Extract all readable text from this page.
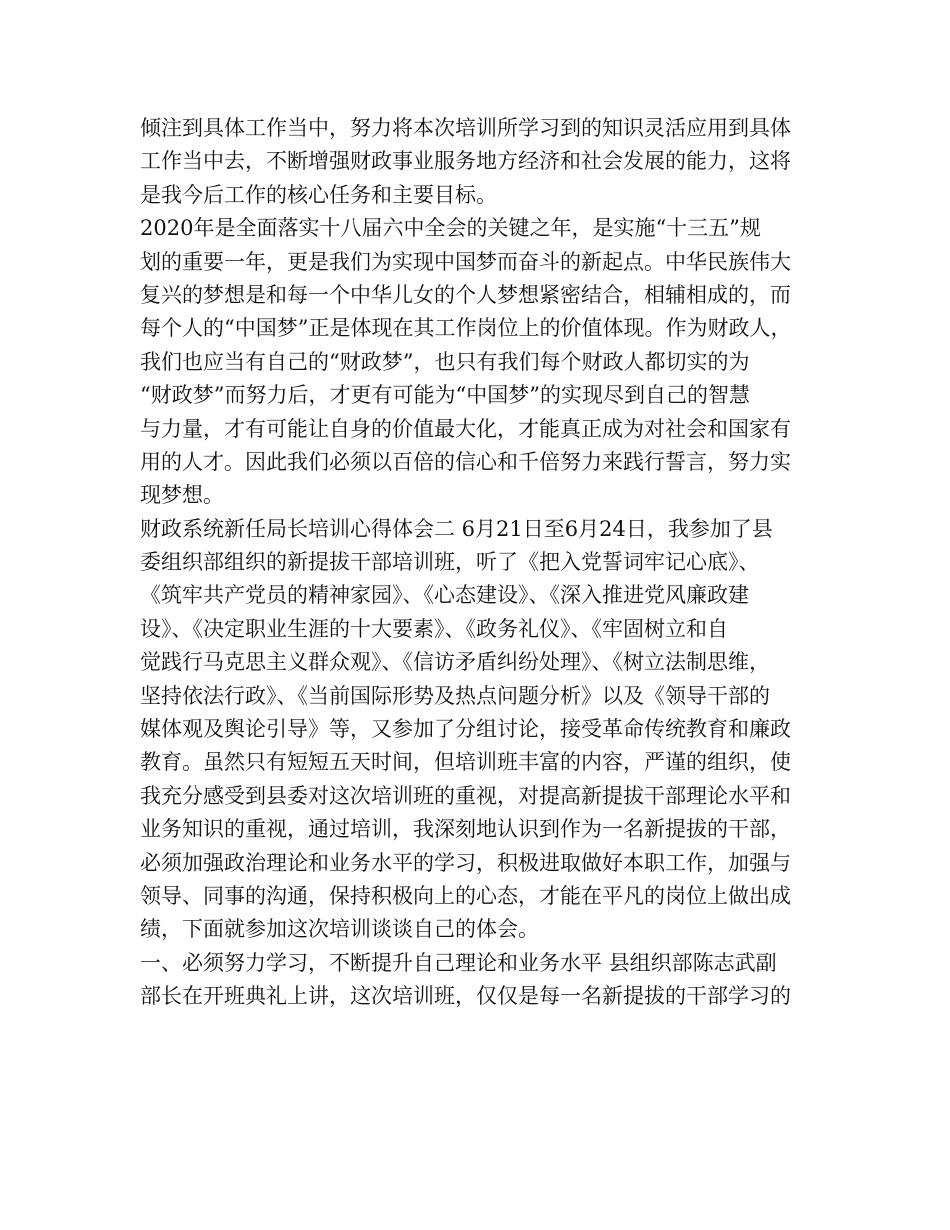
倾注到具体工作当中，努力将本次培训所学习到的知识灵活应用到具体
工作当中去，不断增强财政事业服务地方经济和社会发展的能力，这将
是我今后工作的核心任务和主要目标。
2020年是全面落实十八届六中全会的关键之年，是实施“十三五”规
划的重要一年，更是我们为实现中国梦而奋斗的新起点。中华民族伟大
复兴的梦想是和每一个中华儿女的个人梦想紧密结合，相辅相成的，而
每个人的“中国梦”正是体现在其工作岗位上的价值体现。作为财政人，
我们也应当有自己的“财政梦”，也只有我们每个财政人都切实的为
“财政梦”而努力后，才更有可能为“中国梦”的实现尽到自己的智慧
与力量，才有可能让自身的价值最大化，才能真正成为对社会和国家有
用的人才。因此我们必须以百倍的信心和千倍努力来践行誓言，努力实
现梦想。
财政系统新任局长培训心得体会二 6月21日至6月24日，我参加了县
委组织部组织的新提拔干部培训班，听了《把入党誓词牢记心底》、
《筑牢共产党员的精神家园》、《心态建设》、《深入推进党风廉政建
设》、《决定职业生涯的十大要素》、《政务礼仪》、《牢固树立和自
觉践行马克思主义群众观》、《信访矛盾纠纷处理》、《树立法制思维，
坚持依法行政》、《当前国际形势及热点问题分析》以及《领导干部的
媒体观及舆论引导》等，又参加了分组讨论，接受革命传统教育和廉政
教育。虽然只有短短五天时间，但培训班丰富的内容，严谨的组织，使
我充分感受到县委对这次培训班的重视，对提高新提拔干部理论水平和
业务知识的重视，通过培训，我深刻地认识到作为一名新提拔的干部，
必须加强政治理论和业务水平的学习，积极进取做好本职工作，加强与
领导、同事的沟通，保持积极向上的心态，才能在平凡的岗位上做出成
绩，下面就参加这次培训谈谈自己的体会。
一、必须努力学习，不断提升自己理论和业务水平 县组织部陈志武副
部长在开班典礼上讲，这次培训班，仅仅是每一名新提拔的干部学习的
